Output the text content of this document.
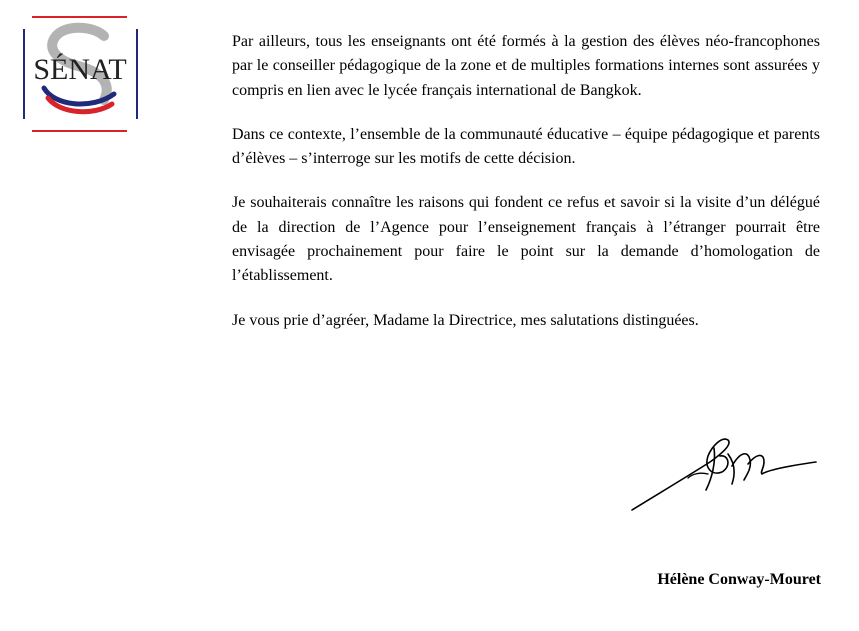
SÉNAT

Par ailleurs, tous les enseignants ont été formés à la gestion des élèves néo-francophones par le conseiller pédagogique de la zone et de multiples formations internes sont assurées y compris en lien avec le lycée français international de Bangkok.

Dans ce contexte, l’ensemble de la communauté éducative – équipe pédagogique et parents d’élèves – s’interroge sur les motifs de cette décision.

Je souhaiterais connaître les raisons qui fondent ce refus et savoir si la visite d’un délégué de la direction de l’Agence pour l’enseignement français à l’étranger pourrait être envisagée prochainement pour faire le point sur la demande d’homologation de l’établissement.

Je vous prie d’agréer, Madame la Directrice, mes salutations distinguées.

Hélène Conway-Mouret
